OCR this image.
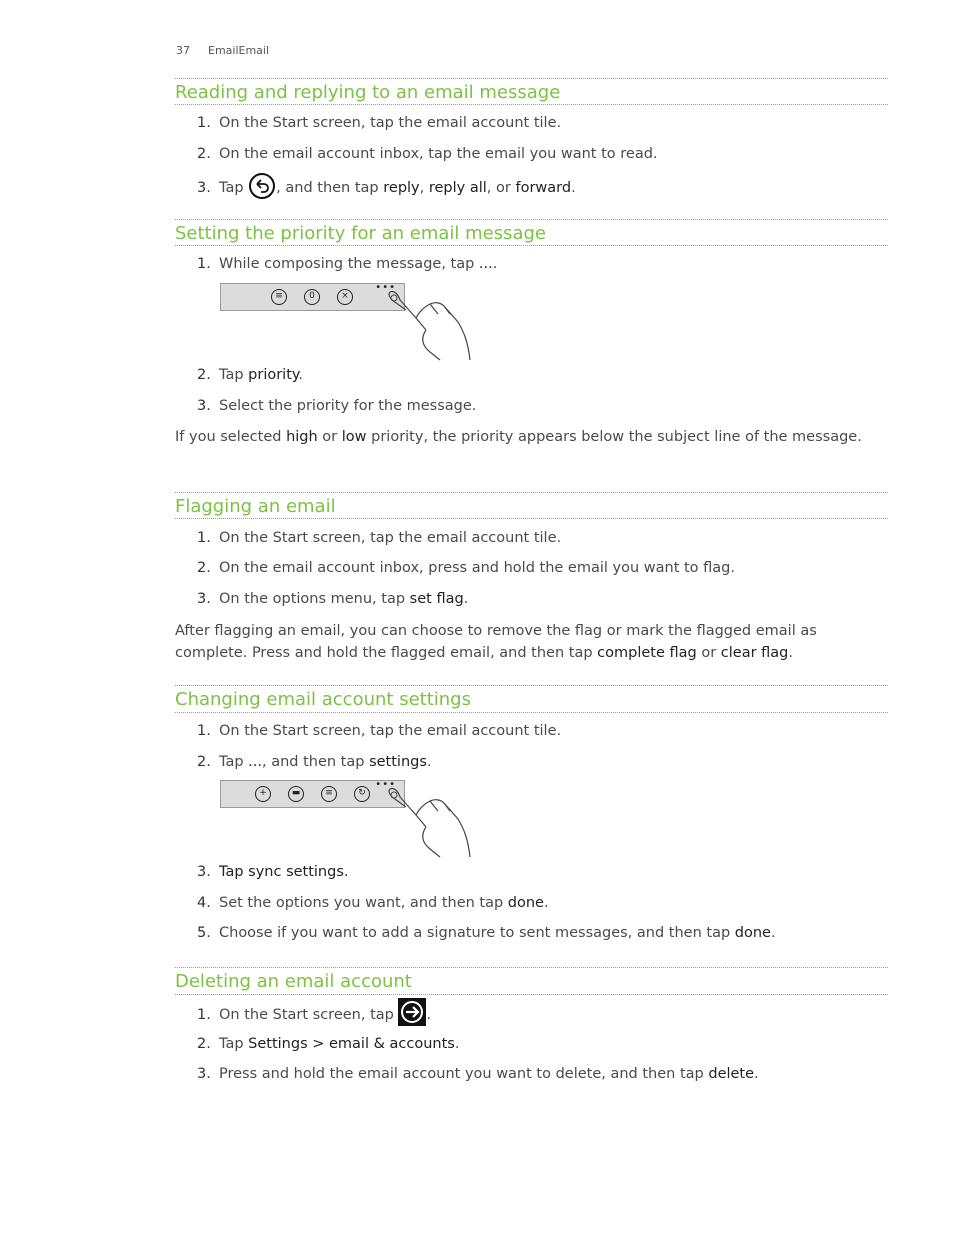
37 EmailEmail
Reading and replying to an email message
1. On the Start screen, tap the email account tile.
2. On the email account inbox, tap the email you want to read.
3. Tap , and then tap reply, reply all, or forward.
Setting the priority for an email message
1. While composing the message, tap ....
≡	0	×
•••
2. Tap priority.
3. Select the priority for the message.
If you selected high or low priority, the priority appears below the subject line of the message.
Flagging an email
1. On the Start screen, tap the email account tile.
2. On the email account inbox, press and hold the email you want to flag.
3. On the options menu, tap set flag.
After flagging an email, you can choose to remove the flag or mark the flagged email as complete. Press and hold the flagged email, and then tap complete flag or clear flag.
Changing email account settings
1. On the Start screen, tap the email account tile.
2. Tap ..., and then tap settings.
+	▬	≡	↻
•••
3. Tap sync settings.
4. Set the options you want, and then tap done.
5. Choose if you want to add a signature to sent messages, and then tap done.
Deleting an email account
1. On the Start screen, tap .
2. Tap Settings > email & accounts.
3. Press and hold the email account you want to delete, and then tap delete.
